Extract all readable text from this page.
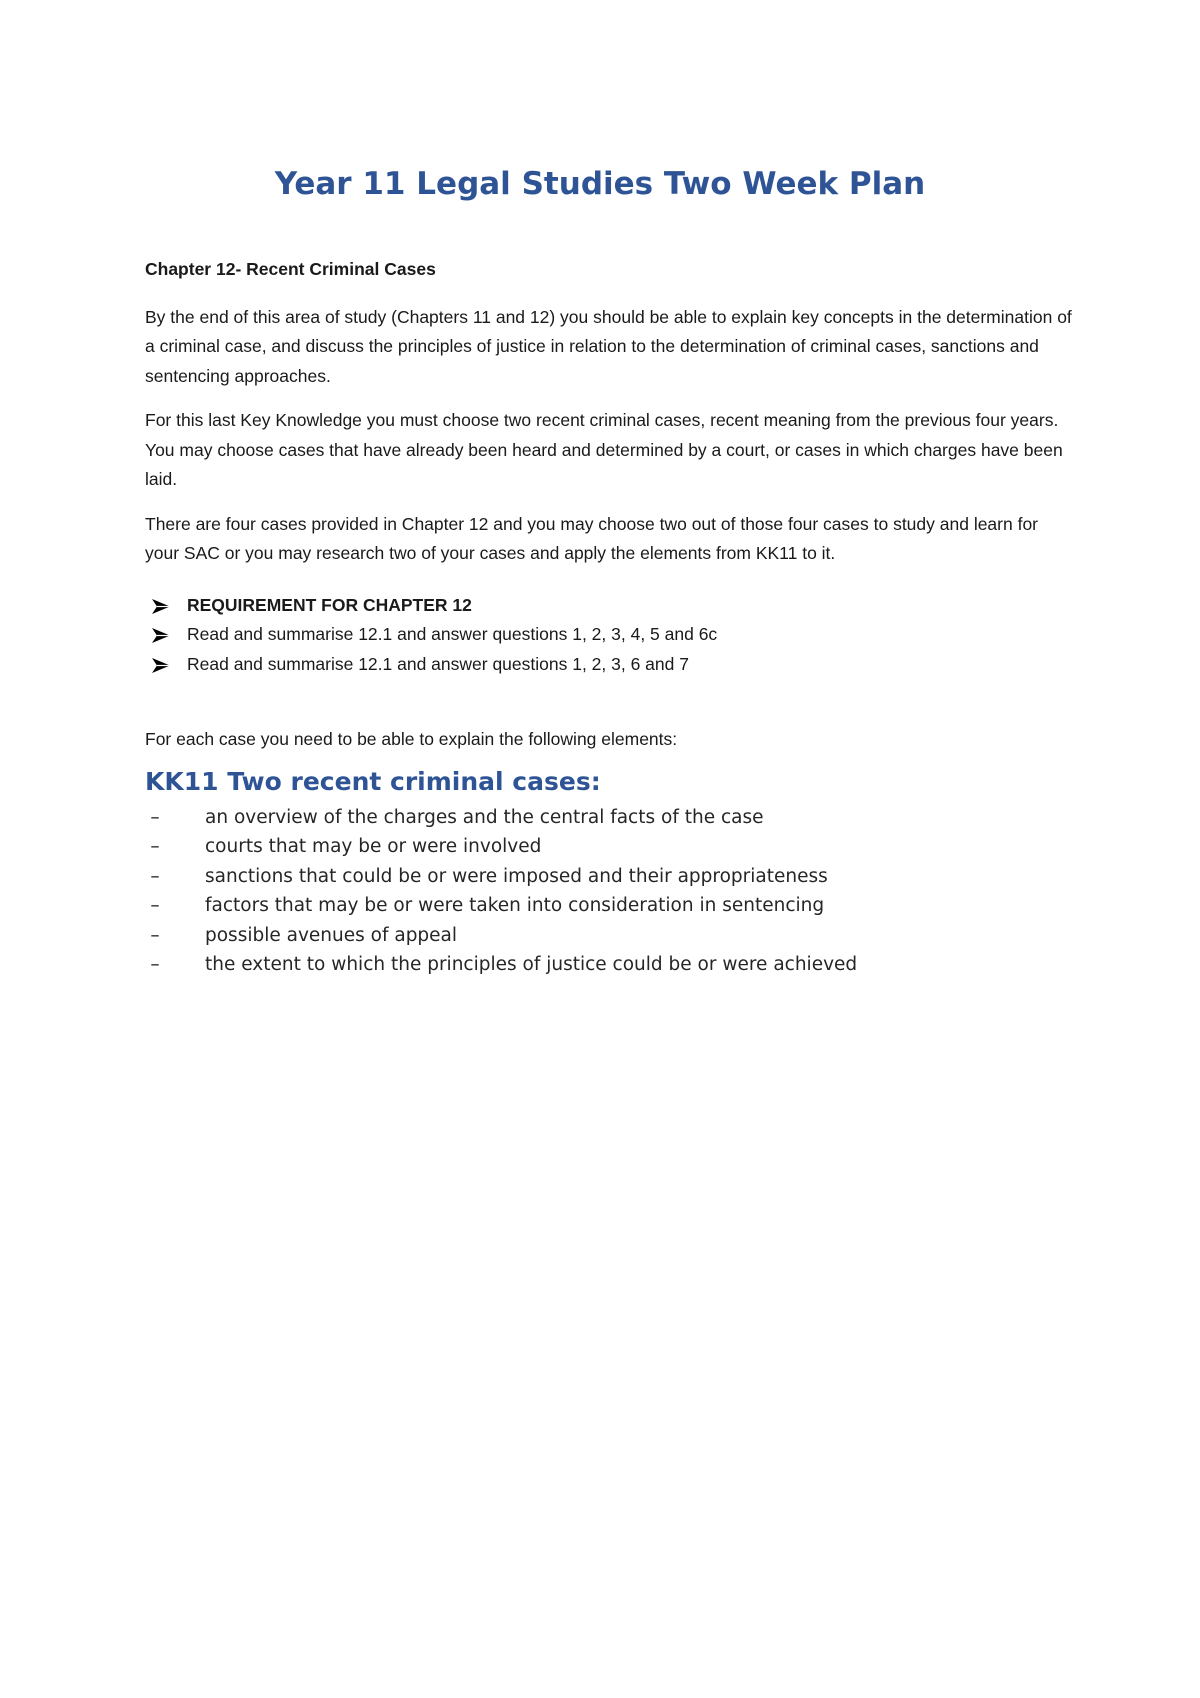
Year 11 Legal Studies Two Week Plan

Chapter 12- Recent Criminal Cases

By the end of this area of study (Chapters 11 and 12) you should be able to explain key concepts in the determination of a criminal case, and discuss the principles of justice in relation to the determination of criminal cases, sanctions and sentencing approaches.

For this last Key Knowledge you must choose two recent criminal cases, recent meaning from the previous four years. You may choose cases that have already been heard and determined by a court, or cases in which charges have been laid.

There are four cases provided in Chapter 12 and you may choose two out of those four cases to study and learn for your SAC or you may research two of your cases and apply the elements from KK11 to it.

REQUIREMENT FOR CHAPTER 12
Read and summarise 12.1 and answer questions 1, 2, 3, 4, 5 and 6c
Read and summarise 12.1 and answer questions 1, 2, 3, 6 and 7

For each case you need to be able to explain the following elements:

KK11 Two recent criminal cases:
– an overview of the charges and the central facts of the case
– courts that may be or were involved
– sanctions that could be or were imposed and their appropriateness
– factors that may be or were taken into consideration in sentencing
– possible avenues of appeal
– the extent to which the principles of justice could be or were achieved
